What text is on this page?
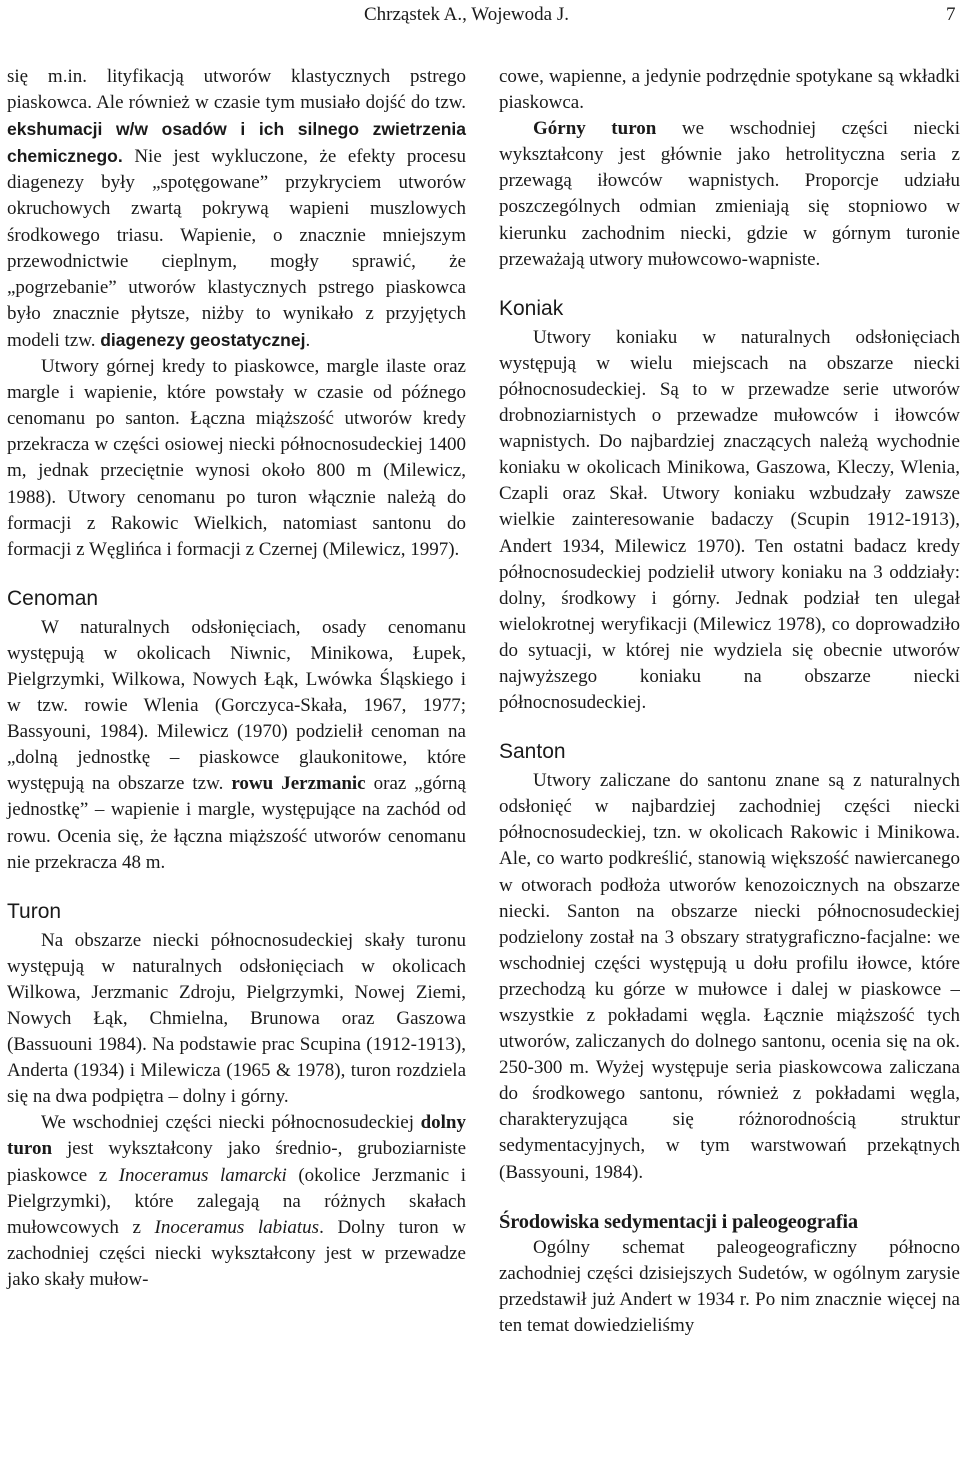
Chrząstek A., Wojewoda J.	7

się m.in. lityfikacją utworów klastycznych pstrego piaskowca. Ale również w czasie tym musiało dojść do tzw. ekshumacji w/w osadów i ich silnego zwietrzenia chemicznego. Nie jest wykluczone, że efekty procesu diagenezy były „spotęgowane” przykryciem utworów okruchowych zwartą pokrywą wapieni muszlowych środkowego triasu. Wapienie, o znacznie mniejszym przewodnictwie cieplnym, mogły sprawić, że „pogrzebanie” utworów klastycznych pstrego piaskowca było znacznie płytsze, niżby to wynikało z przyjętych modeli tzw. diagenezy geostatycznej.

Utwory górnej kredy to piaskowce, margle ilaste oraz margle i wapienie, które powstały w czasie od późnego cenomanu po santon. Łączna miąższość utworów kredy przekracza w części osiowej niecki północnosudeckiej 1400 m, jednak przeciętnie wynosi około 800 m (Milewicz, 1988). Utwory cenomanu po turon włącznie należą do formacji z Rakowic Wielkich, natomiast santonu do formacji z Węglińca i formacji z Czernej (Milewicz, 1997).

Cenoman

W naturalnych odsłonięciach, osady cenomanu występują w okolicach Niwnic, Minikowa, Łupek, Pielgrzymki, Wilkowa, Nowych Łąk, Lwówka Śląskiego i w tzw. rowie Wlenia (Gorczyca-Skała, 1967, 1977; Bassyouni, 1984). Milewicz (1970) podzielił cenoman na „dolną jednostkę – piaskowce glaukonitowe, które występują na obszarze tzw. rowu Jerzmanic oraz „górną jednostkę” – wapienie i margle, występujące na zachód od rowu. Ocenia się, że łączna miąższość utworów cenomanu nie przekracza 48 m.

Turon

Na obszarze niecki północnosudeckiej skały turonu występują w naturalnych odsłonięciach w okolicach Wilkowa, Jerzmanic Zdroju, Pielgrzymki, Nowej Ziemi, Nowych Łąk, Chmielna, Brunowa oraz Gaszowa (Bassuouni 1984). Na podstawie prac Scupina (1912-1913), Anderta (1934) i Milewicza (1965 & 1978), turon rozdziela się na dwa podpiętra – dolny i górny.

We wschodniej części niecki północnosudeckiej dolny turon jest wykształcony jako średnio-, gruboziarniste piaskowce z Inoceramus lamarcki (okolice Jerzmanic i Pielgrzymki), które zalegają na różnych skałach mułowcowych z Inoceramus labiatus. Dolny turon w zachodniej części niecki wykształcony jest w przewadze jako skały mułow-

cowe, wapienne, a jedynie podrzędnie spotykane są wkładki piaskowca.

Górny turon we wschodniej części niecki wykształcony jest głównie jako hetrolityczna seria z przewagą iłowców wapnistych. Proporcje udziału poszczególnych odmian zmieniają się stopniowo w kierunku zachodnim niecki, gdzie w górnym turonie przeważają utwory mułowcowo-wapniste.

Koniak

Utwory koniaku w naturalnych odsłonięciach występują w wielu miejscach na obszarze niecki północnosudeckiej. Są to w przewadze serie utworów drobnoziarnistych o przewadze mułowców i iłowców wapnistych. Do najbardziej znaczących należą wychodnie koniaku w okolicach Minikowa, Gaszowa, Kleczy, Wlenia, Czapli oraz Skał. Utwory koniaku wzbudzały zawsze wielkie zainteresowanie badaczy (Scupin 1912-1913), Andert 1934, Milewicz 1970). Ten ostatni badacz kredy północnosudeckiej podzielił utwory koniaku na 3 oddziały: dolny, środkowy i górny. Jednak podział ten ulegał wielokrotnej weryfikacji (Milewicz 1978), co doprowadziło do sytuacji, w której nie wydziela się obecnie utworów najwyższego koniaku na obszarze niecki północnosudeckiej.

Santon

Utwory zaliczane do santonu znane są z naturalnych odsłonięć w najbardziej zachodniej części niecki północnosudeckiej, tzn. w okolicach Rakowic i Minikowa. Ale, co warto podkreślić, stanowią większość nawiercanego w otworach podłoża utworów kenozoicznych na obszarze niecki. Santon na obszarze niecki północnosudeckiej podzielony został na 3 obszary stratygraficzno-facjalne: we wschodniej części występują u dołu profilu iłowce, które przechodzą ku górze w mułowce i dalej w piaskowce – wszystkie z pokładami węgla. Łącznie miąższość tych utworów, zaliczanych do dolnego santonu, ocenia się na ok. 250-300 m. Wyżej występuje seria piaskowcowa zaliczana do środkowego santonu, również z pokładami węgla, charakteryzująca się różnorodnością struktur sedymentacyjnych, w tym warstwowań przekątnych (Bassyouni, 1984).

Środowiska sedymentacji i paleogeografia

Ogólny schemat paleogeograficzny północno zachodniej części dzisiejszych Sudetów, w ogólnym zarysie przedstawił już Andert w 1934 r. Po nim znacznie więcej na ten temat dowiedzieliśmy
